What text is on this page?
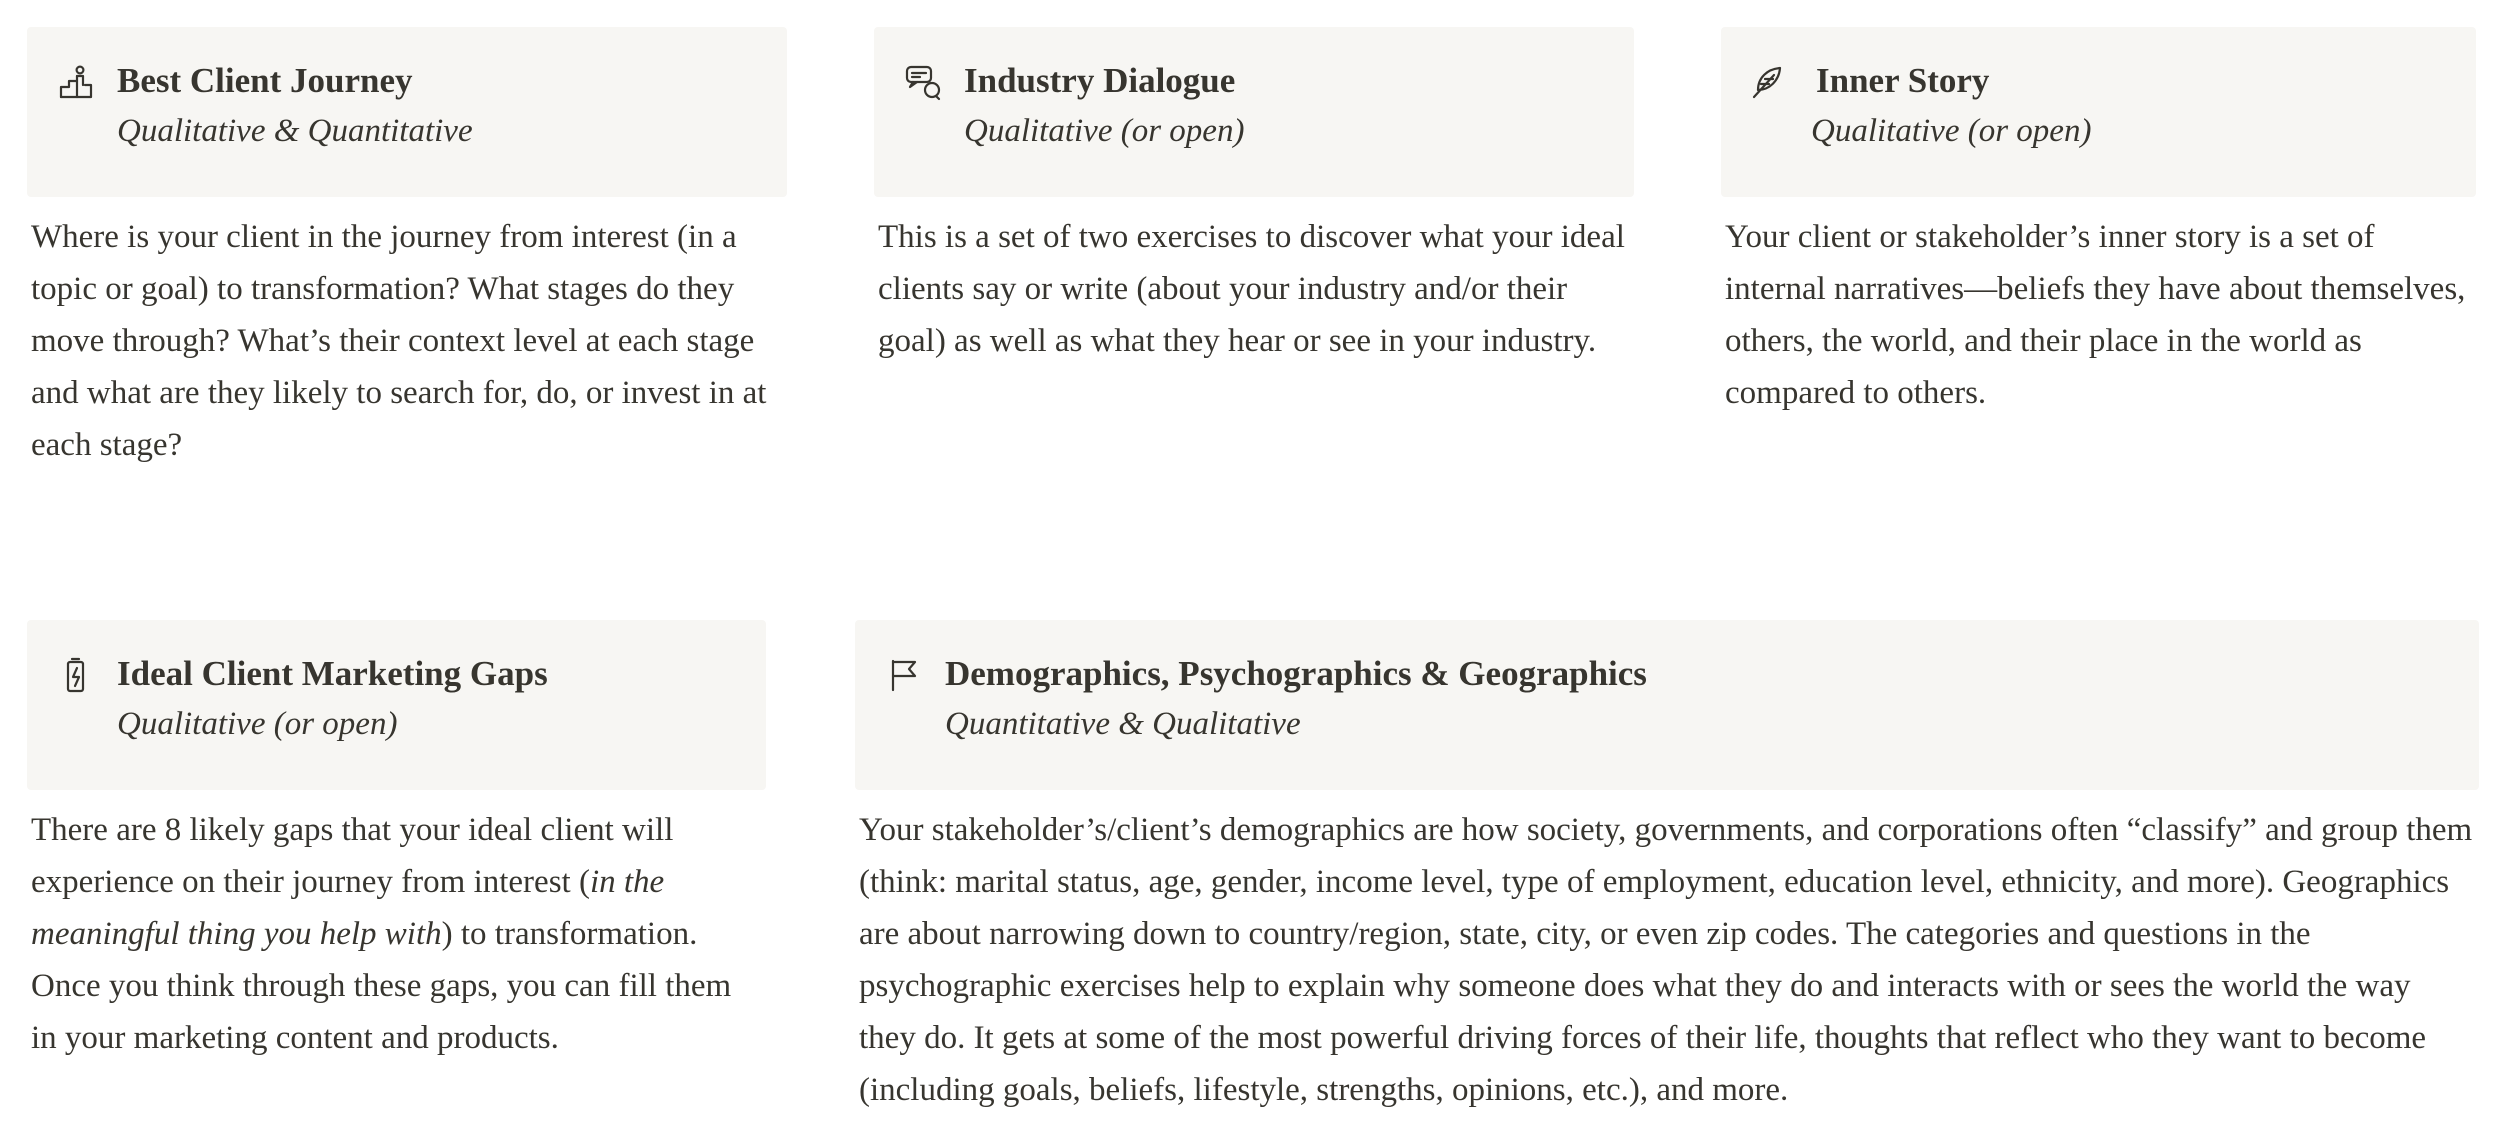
Best Client Journey
Qualitative & Quantitative

Where is your client in the journey from interest (in a topic or goal) to transformation? What stages do they move through? What’s their context level at each stage and what are they likely to search for, do, or invest in at each stage?

Industry Dialogue
Qualitative (or open)

This is a set of two exercises to discover what your ideal clients say or write (about your industry and/or their goal) as well as what they hear or see in your industry.

Inner Story
Qualitative (or open)

Your client or stakeholder’s inner story is a set of internal narratives—beliefs they have about themselves, others, the world, and their place in the world as compared to others.

Ideal Client Marketing Gaps
Qualitative (or open)

There are 8 likely gaps that your ideal client will experience on their journey from interest (in the meaningful thing you help with) to transformation. Once you think through these gaps, you can fill them in your marketing content and products.

Demographics, Psychographics & Geographics
Quantitative & Qualitative

Your stakeholder’s/client’s demographics are how society, governments, and corporations often “classify” and group them (think: marital status, age, gender, income level, type of employment, education level, ethnicity, and more). Geographics are about narrowing down to country/region, state, city, or even zip codes. The categories and questions in the psychographic exercises help to explain why someone does what they do and interacts with or sees the world the way they do. It gets at some of the most powerful driving forces of their life, thoughts that reflect who they want to become (including goals, beliefs, lifestyle, strengths, opinions, etc.), and more.
